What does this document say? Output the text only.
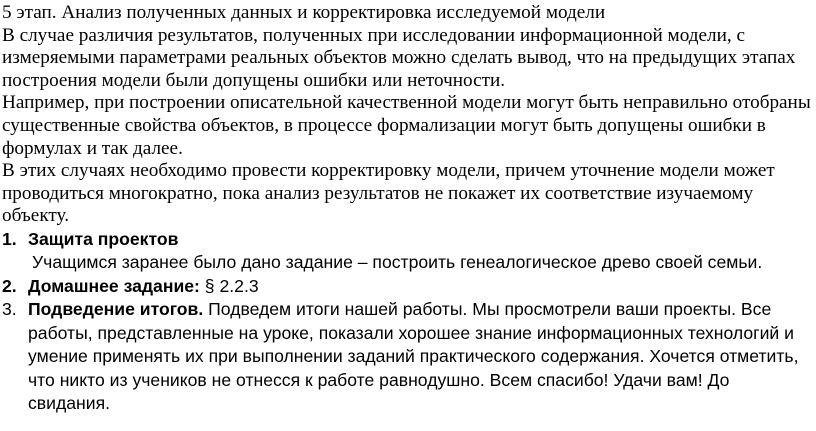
5 этап. Анализ полученных данных и корректировка исследуемой модели

В случае различия результатов, полученных при исследовании информационной модели, с измеряемыми параметрами реальных объектов можно сделать вывод, что на предыдущих этапах построения модели были допущены ошибки или неточности.

Например, при построении описательной качественной модели могут быть неправильно отобраны существенные свойства объектов, в процессе формализации могут быть допущены ошибки в формулах и так далее.

В этих случаях необходимо провести корректировку модели, причем уточнение модели может проводиться многократно, пока анализ результатов не покажет их соответствие изучаемому объекту.

1. Защита проектов
Учащимся заранее было дано задание – построить генеалогическое древо своей семьи.
2. Домашнее задание: § 2.2.3
3. Подведение итогов. Подведем итоги нашей работы. Мы просмотрели ваши проекты. Все работы, представленные на уроке, показали хорошее знание информационных технологий и умение применять их при выполнении заданий практического содержания. Хочется отметить, что никто из учеников не отнесся к работе равнодушно. Всем спасибо! Удачи вам! До свидания.
